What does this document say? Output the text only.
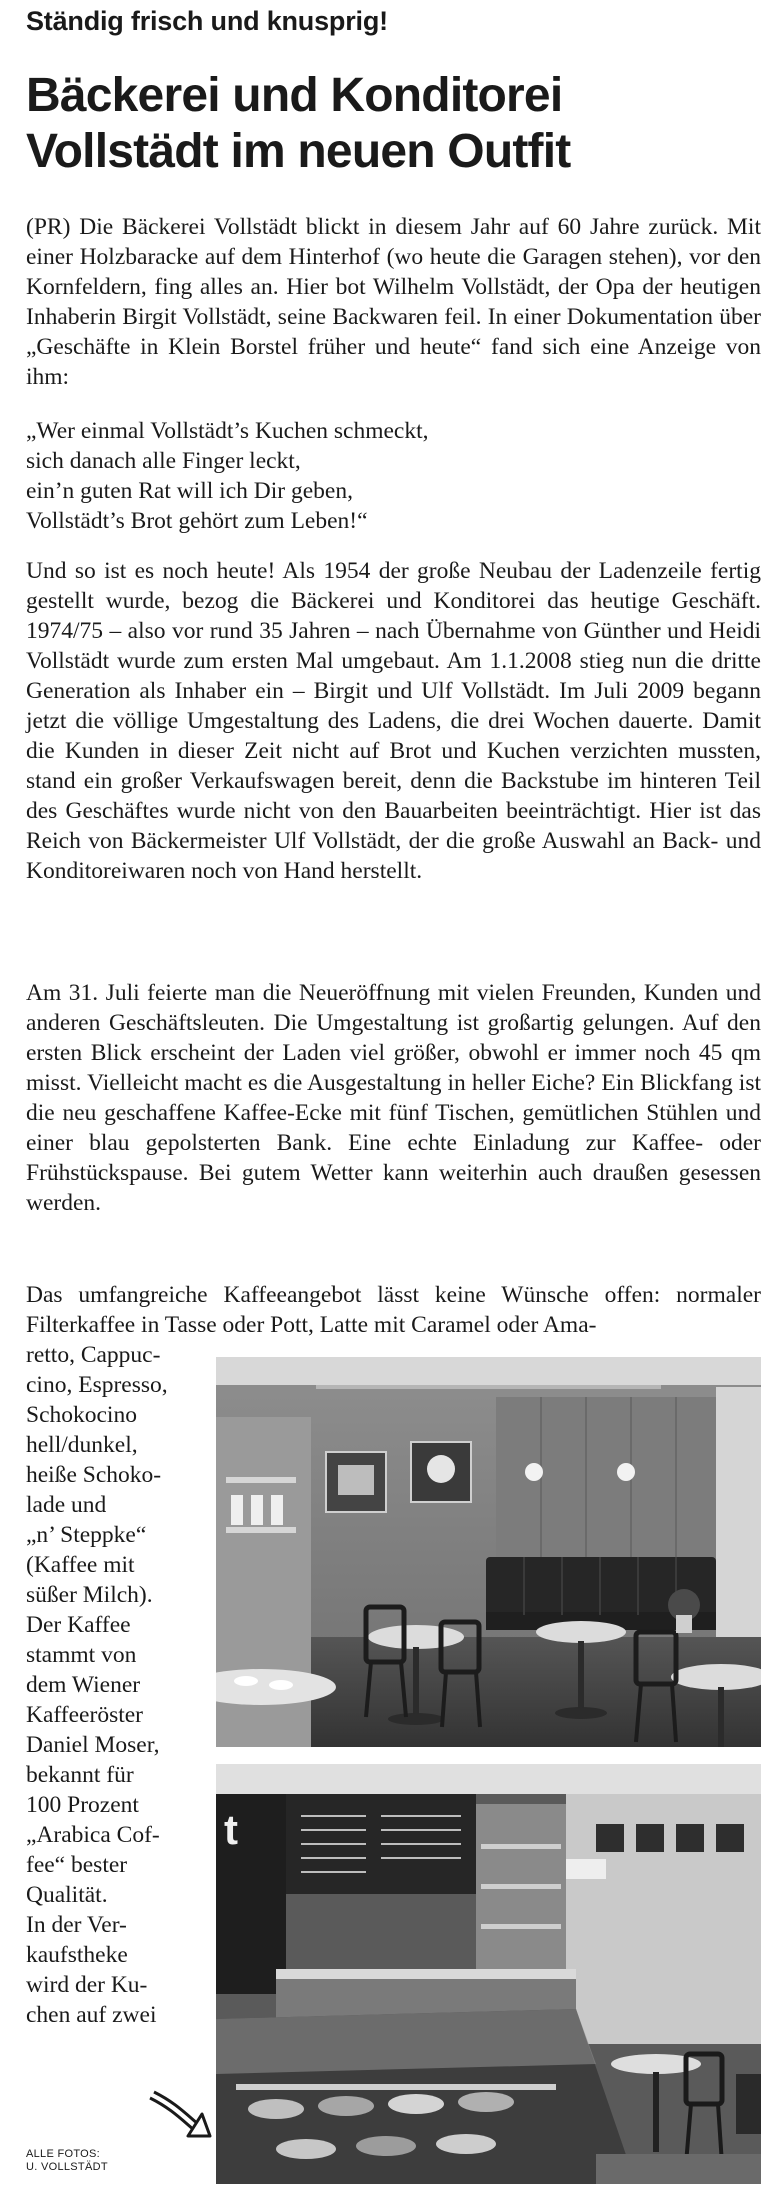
Ständig frisch und knusprig!
Bäckerei und Konditorei
Vollstädt im neuen Outfit

(PR) Die Bäckerei Vollstädt blickt in diesem Jahr auf 60 Jahre zurück. Mit einer Holzbaracke auf dem Hinterhof (wo heute die Garagen stehen), vor den Kornfeldern, fing alles an. Hier bot Wilhelm Vollstädt, der Opa der heutigen Inhaberin Birgit Vollstädt, seine Backwaren feil. In einer Dokumentation über „Geschäfte in Klein Borstel früher und heute“ fand sich eine Anzeige von ihm:

„Wer einmal Vollstädt’s Kuchen schmeckt,
sich danach alle Finger leckt,
ein’n guten Rat will ich Dir geben,
Vollstädt’s Brot gehört zum Leben!“

Und so ist es noch heute! Als 1954 der große Neubau der Ladenzeile fertig gestellt wurde, bezog die Bäckerei und Konditorei das heutige Geschäft. 1974/75 – also vor rund 35 Jahren – nach Übernahme von Günther und Heidi Vollstädt wurde zum ersten Mal umgebaut. Am 1.1.2008 stieg nun die dritte Generation als Inhaber ein – Birgit und Ulf Vollstädt. Im Juli 2009 begann jetzt die völlige Umgestaltung des Ladens, die drei Wochen dauerte. Damit die Kunden in dieser Zeit nicht auf Brot und Kuchen verzichten mussten, stand ein großer Verkaufswagen bereit, denn die Backstube im hinteren Teil des Geschäftes wurde nicht von den Bauarbeiten beeinträchtigt. Hier ist das Reich von Bäckermeister Ulf Vollstädt, der die große Auswahl an Back- und Konditoreiwaren noch von Hand herstellt.

Am 31. Juli feierte man die Neueröffnung mit vielen Freunden, Kunden und anderen Geschäftsleuten. Die Umgestaltung ist großartig gelungen. Auf den ersten Blick erscheint der Laden viel größer, obwohl er immer noch 45 qm misst. Vielleicht macht es die Ausgestaltung in heller Eiche? Ein Blickfang ist die neu geschaffene Kaffee-Ecke mit fünf Tischen, gemütlichen Stühlen und einer blau gepolsterten Bank. Eine echte Einladung zur Kaffee- oder Frühstückspause. Bei gutem Wetter kann weiterhin auch draußen gesessen werden.

Das umfangreiche Kaffeeangebot lässt keine Wünsche offen: normaler Filterkaffee in Tasse oder Pott, Latte mit Caramel oder Ama-

retto, Cappuc-
cino, Espresso,
Schokocino
hell/dunkel,
heiße Schoko-
lade und
„n’ Steppke“
(Kaffee mit
süßer Milch).
Der Kaffee
stammt von
dem Wiener
Kaffeeröster
Daniel Moser,
bekannt für
100 Prozent
„Arabica Cof-
fee“ bester
Qualität.
In der Ver-
kaufstheke
wird der Ku-
chen auf zwei
t
ALLE FOTOS:
U. VOLLSTÄDT
